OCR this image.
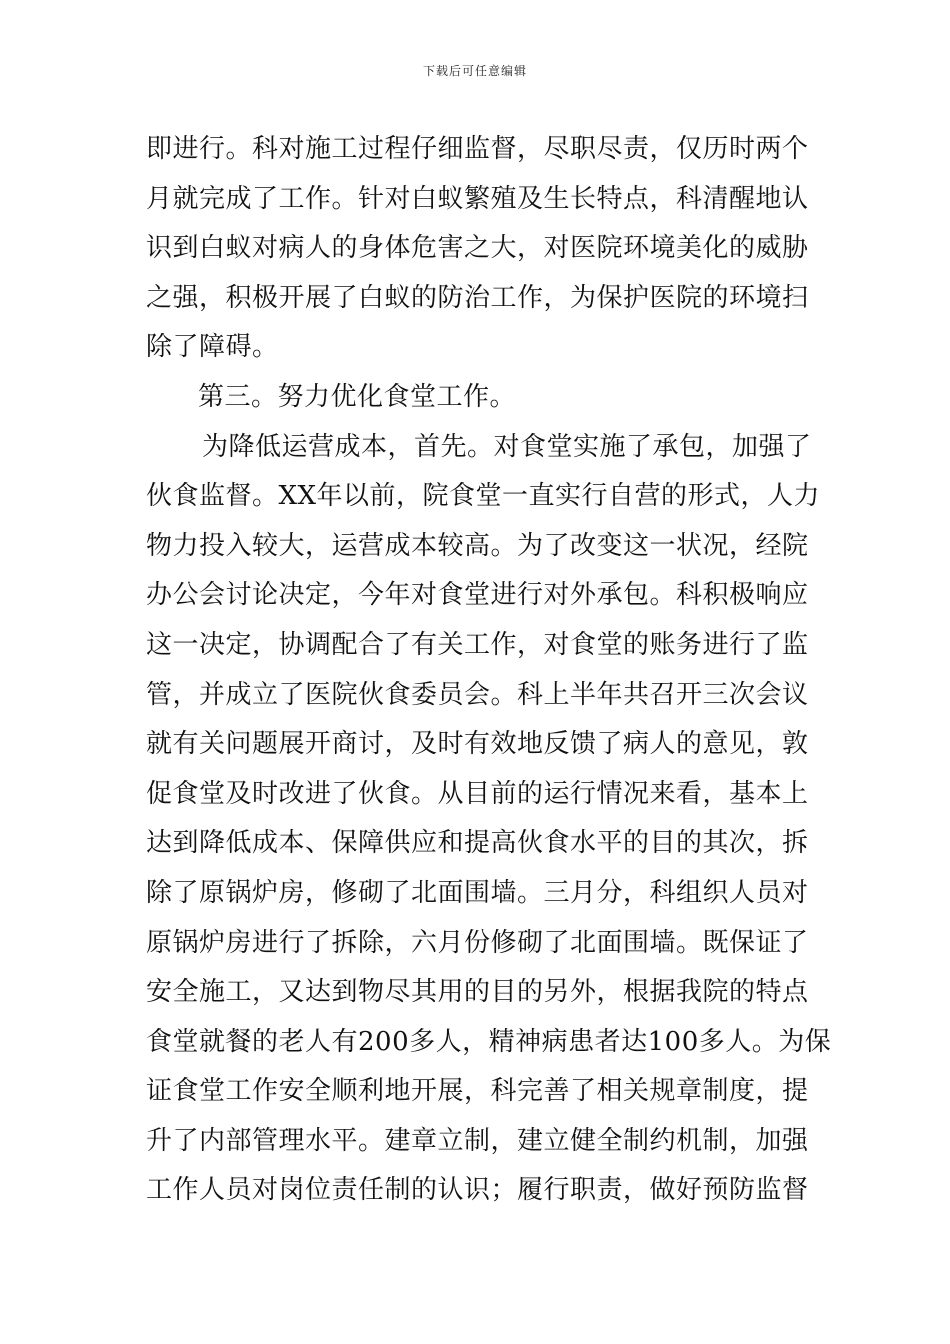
下载后可任意编辑
即进行。科对施工过程仔细监督，尽职尽责，仅历时两个
月就完成了工作。针对白蚁繁殖及生长特点，科清醒地认
识到白蚁对病人的身体危害之大，对医院环境美化的威胁
之强，积极开展了白蚁的防治工作，为保护医院的环境扫
除了障碍。
第三。努力优化食堂工作。
为降低运营成本，首先。对食堂实施了承包，加强了
伙食监督。XX年以前，院食堂一直实行自营的形式，人力
物力投入较大，运营成本较高。为了改变这一状况，经院
办公会讨论决定，今年对食堂进行对外承包。科积极响应
这一决定，协调配合了有关工作，对食堂的账务进行了监
管，并成立了医院伙食委员会。科上半年共召开三次会议
就有关问题展开商讨，及时有效地反馈了病人的意见，敦
促食堂及时改进了伙食。从目前的运行情况来看，基本上
达到降低成本、保障供应和提高伙食水平的目的其次，拆
除了原锅炉房，修砌了北面围墙。三月分，科组织人员对
原锅炉房进行了拆除，六月份修砌了北面围墙。既保证了
安全施工，又达到物尽其用的目的另外，根据我院的特点
食堂就餐的老人有200多人，精神病患者达100多人。为保
证食堂工作安全顺利地开展，科完善了相关规章制度，提
升了内部管理水平。建章立制，建立健全制约机制，加强
工作人员对岗位责任制的认识；履行职责，做好预防监督
